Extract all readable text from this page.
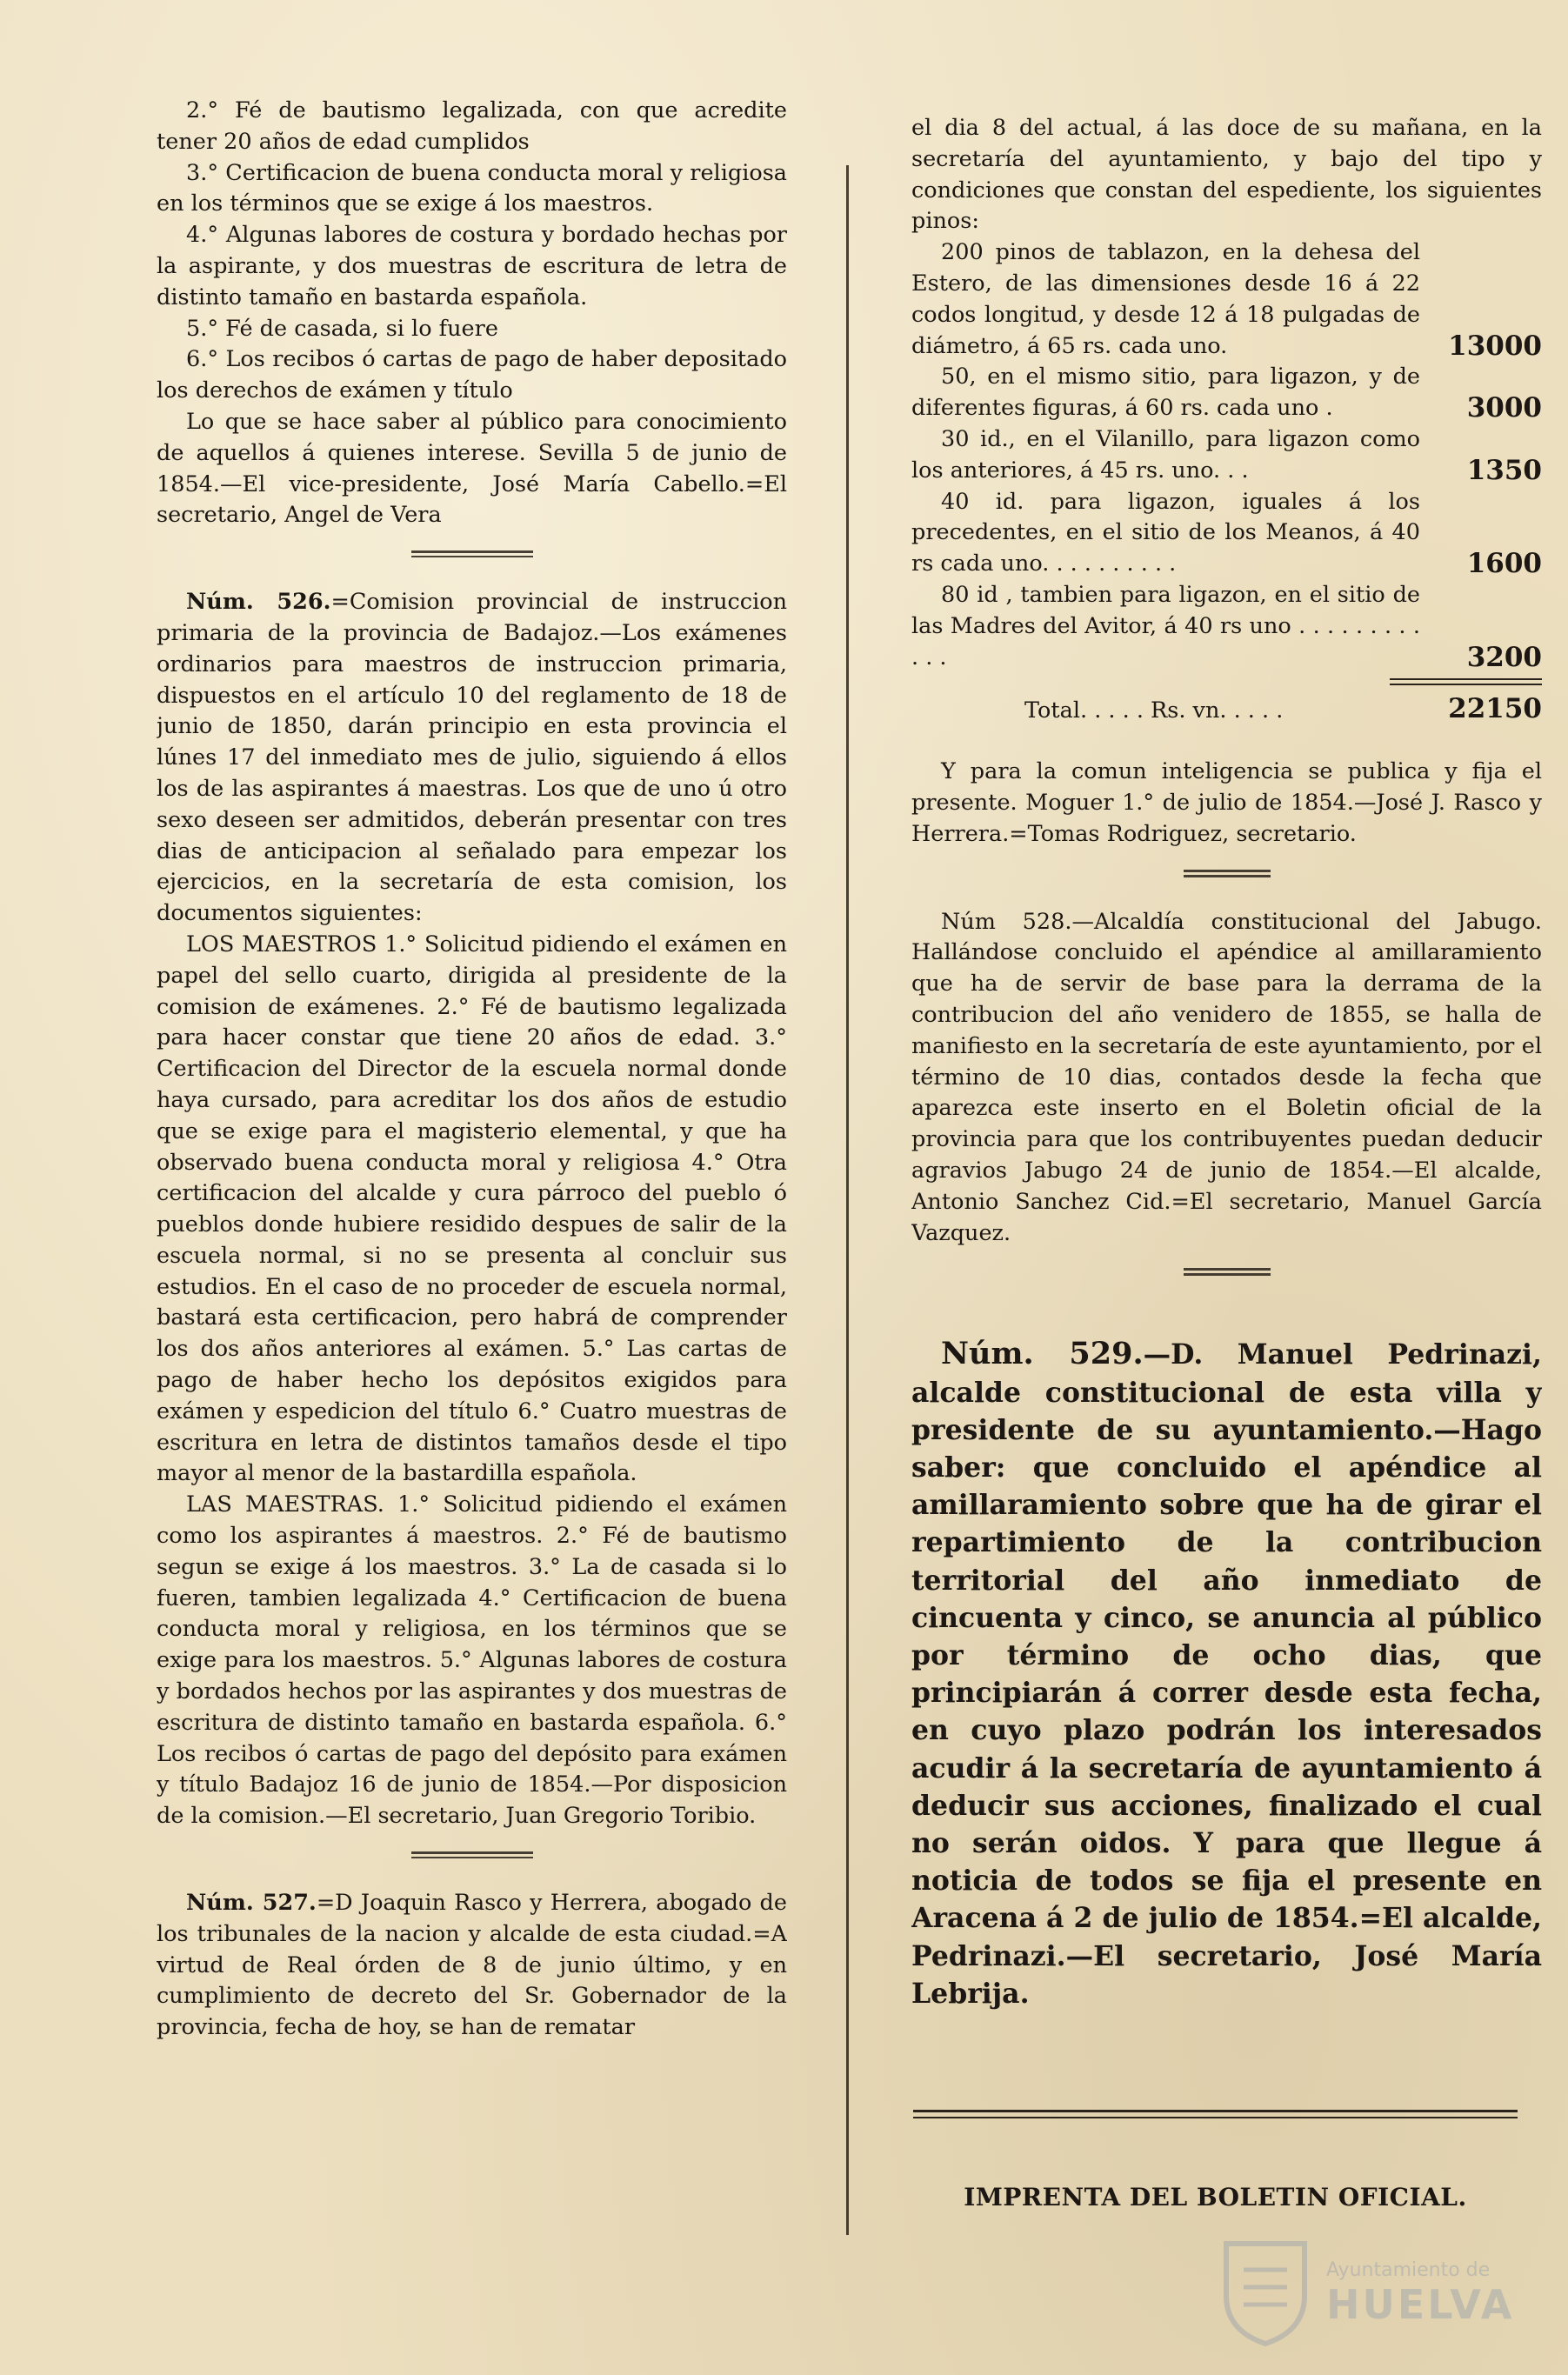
2.° Fé de bautismo legalizada, con que acredite tener 20 años de edad cumplidos

3.° Certificacion de buena conducta moral y religiosa en los términos que se exige á los maestros.

4.° Algunas labores de costura y bordado hechas por la aspirante, y dos muestras de escritura de letra de distinto tamaño en bastarda española.

5.° Fé de casada, si lo fuere

6.° Los recibos ó cartas de pago de haber depositado los derechos de exámen y título

Lo que se hace saber al público para conocimiento de aquellos á quienes interese. Sevilla 5 de junio de 1854.—El vice-presidente, José María Cabello.=El secretario, Angel de Vera

Núm. 526.=Comision provincial de instruccion primaria de la provincia de Badajoz.—Los exámenes ordinarios para maestros de instruccion primaria, dispuestos en el artículo 10 del reglamento de 18 de junio de 1850, darán principio en esta provincia el lúnes 17 del inmediato mes de julio, siguiendo á ellos los de las aspirantes á maestras. Los que de uno ú otro sexo deseen ser admitidos, deberán presentar con tres dias de anticipacion al señalado para empezar los ejercicios, en la secretaría de esta comision, los documentos siguientes:

LOS MAESTROS 1.° Solicitud pidiendo el exámen en papel del sello cuarto, dirigida al presidente de la comision de exámenes. 2.° Fé de bautismo legalizada para hacer constar que tiene 20 años de edad. 3.° Certificacion del Director de la escuela normal donde haya cursado, para acreditar los dos años de estudio que se exige para el magisterio elemental, y que ha observado buena conducta moral y religiosa 4.° Otra certificacion del alcalde y cura párroco del pueblo ó pueblos donde hubiere residido despues de salir de la escuela normal, si no se presenta al concluir sus estudios. En el caso de no proceder de escuela normal, bastará esta certificacion, pero habrá de comprender los dos años anteriores al exámen. 5.° Las cartas de pago de haber hecho los depósitos exigidos para exámen y espedicion del título 6.° Cuatro muestras de escritura en letra de distintos tamaños desde el tipo mayor al menor de la bastardilla española.

LAS MAESTRAS. 1.° Solicitud pidiendo el exámen como los aspirantes á maestros. 2.° Fé de bautismo segun se exige á los maestros. 3.° La de casada si lo fueren, tambien legalizada 4.° Certificacion de buena conducta moral y religiosa, en los términos que se exige para los maestros. 5.° Algunas labores de costura y bordados hechos por las aspirantes y dos muestras de escritura de distinto tamaño en bastarda española. 6.° Los recibos ó cartas de pago del depósito para exámen y título Badajoz 16 de junio de 1854.—Por disposicion de la comision.—El secretario, Juan Gregorio Toribio.

Núm. 527.=D Joaquin Rasco y Herrera, abogado de los tribunales de la nacion y alcalde de esta ciudad.=A virtud de Real órden de 8 de junio último, y en cumplimiento de decreto del Sr. Gobernador de la provincia, fecha de hoy, se han de rematar

el dia 8 del actual, á las doce de su mañana, en la secretaría del ayuntamiento, y bajo del tipo y condiciones que constan del espediente, los siguientes pinos:

200 pinos de tablazon, en la dehesa del Estero, de las dimensiones desde 16 á 22 codos longitud, y desde 12 á 18 pulgadas de diámetro, á 65 rs. cada uno.	13000
50, en el mismo sitio, para ligazon, y de diferentes figuras, á 60 rs. cada uno .	3000
30 id., en el Vilanillo, para ligazon como los anteriores, á 45 rs. uno. . .	1350
40 id. para ligazon, iguales á los precedentes, en el sitio de los Meanos, á 40 rs cada uno. . . . . . . . . .	1600
80 id , tambien para ligazon, en el sitio de las Madres del Avitor, á 40 rs uno . . . . . . . . . . . .	3200
Total. . . . . Rs. vn. . . . .	22150

Y para la comun inteligencia se publica y fija el presente. Moguer 1.° de julio de 1854.—José J. Rasco y Herrera.=Tomas Rodriguez, secretario.

Núm 528.—Alcaldía constitucional del Jabugo. Hallándose concluido el apéndice al amillaramiento que ha de servir de base para la derrama de la contribucion del año venidero de 1855, se halla de manifiesto en la secretaría de este ayuntamiento, por el término de 10 dias, contados desde la fecha que aparezca este inserto en el Boletin oficial de la provincia para que los contribuyentes puedan deducir agravios Jabugo 24 de junio de 1854.—El alcalde, Antonio Sanchez Cid.=El secretario, Manuel García Vazquez.

Núm. 529.—D. Manuel Pedrinazi, alcalde constitucional de esta villa y presidente de su ayuntamiento.—Hago saber: que concluido el apéndice al amillaramiento sobre que ha de girar el repartimiento de la contribucion territorial del año inmediato de cincuenta y cinco, se anuncia al público por término de ocho dias, que principiarán á correr desde esta fecha, en cuyo plazo podrán los interesados acudir á la secretaría de ayuntamiento á deducir sus acciones, finalizado el cual no serán oidos. Y para que llegue á noticia de todos se fija el presente en Aracena á 2 de julio de 1854.=El alcalde, Pedrinazi.—El secretario, José María Lebrija.

IMPRENTA DEL BOLETIN OFICIAL.
Ayuntamiento de
HUELVA
